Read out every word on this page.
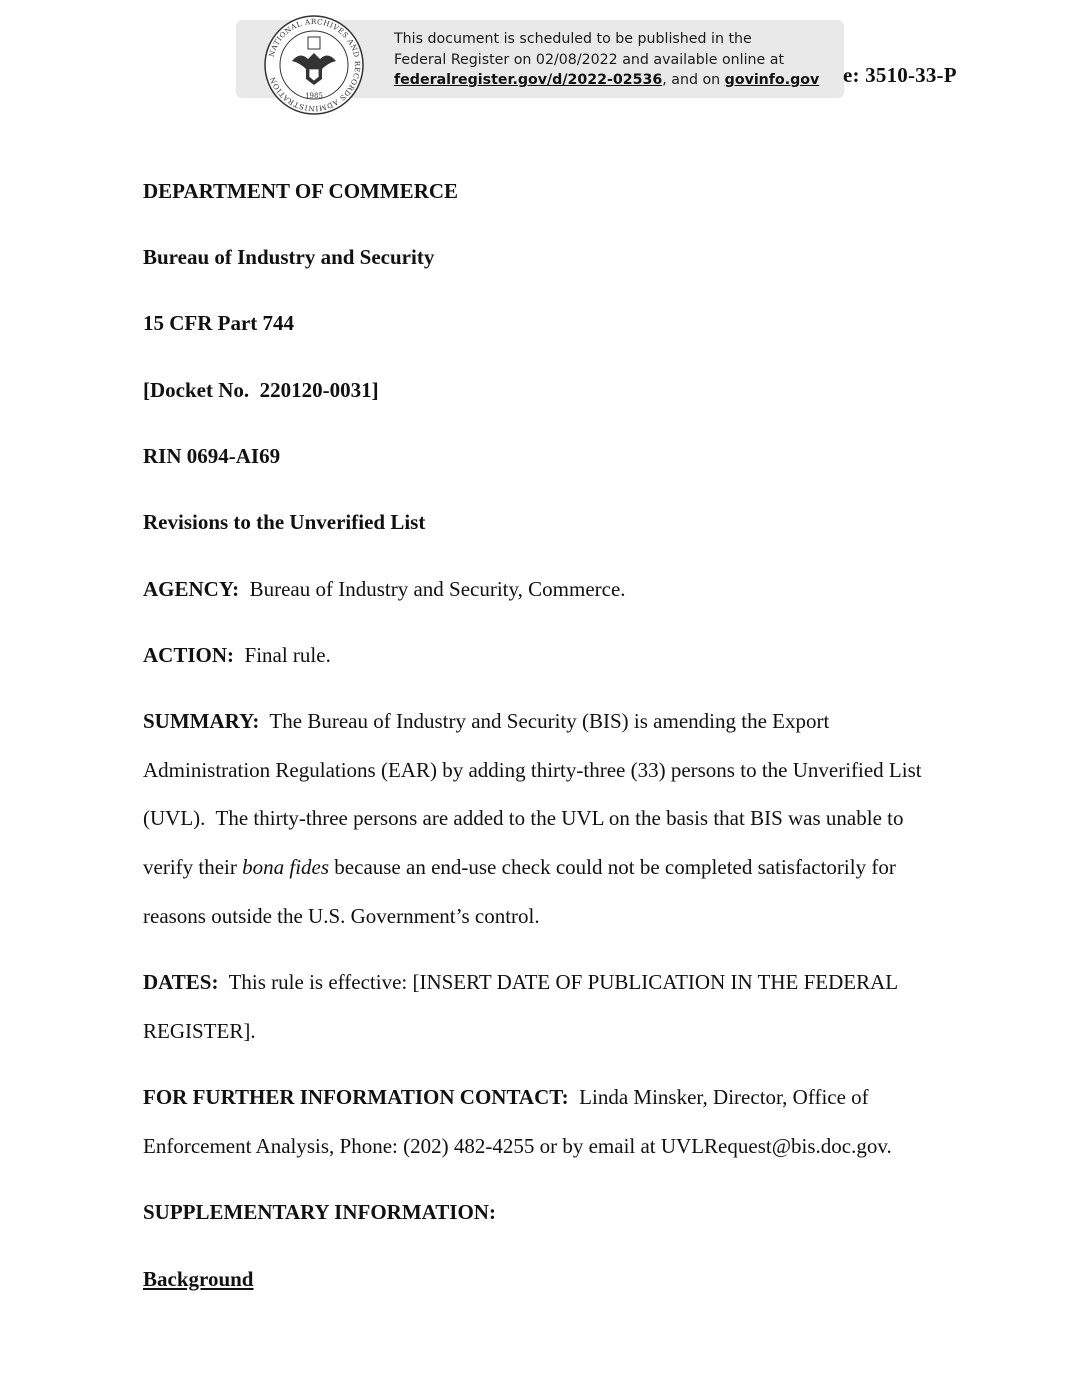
NATIONAL ARCHIVES AND RECORDS ADMINISTRATION
1985
This document is scheduled to be published in the
Federal Register on 02/08/2022 and available online at
federalregister.gov/d/2022-02536, and on govinfo.gov e: 3510-33-P
DEPARTMENT OF COMMERCE
Bureau of Industry and Security
15 CFR Part 744
[Docket No.  220120-0031]
RIN 0694-AI69
Revisions to the Unverified List
AGENCY:  Bureau of Industry and Security, Commerce.
ACTION:  Final rule.
SUMMARY:  The Bureau of Industry and Security (BIS) is amending the Export
Administration Regulations (EAR) by adding thirty-three (33) persons to the Unverified List
(UVL).  The thirty-three persons are added to the UVL on the basis that BIS was unable to
verify their bona fides because an end-use check could not be completed satisfactorily for
reasons outside the U.S. Government’s control.
DATES:  This rule is effective: [INSERT DATE OF PUBLICATION IN THE FEDERAL
REGISTER].
FOR FURTHER INFORMATION CONTACT:  Linda Minsker, Director, Office of
Enforcement Analysis, Phone: (202) 482-4255 or by email at UVLRequest@bis.doc.gov.
SUPPLEMENTARY INFORMATION:
Background
